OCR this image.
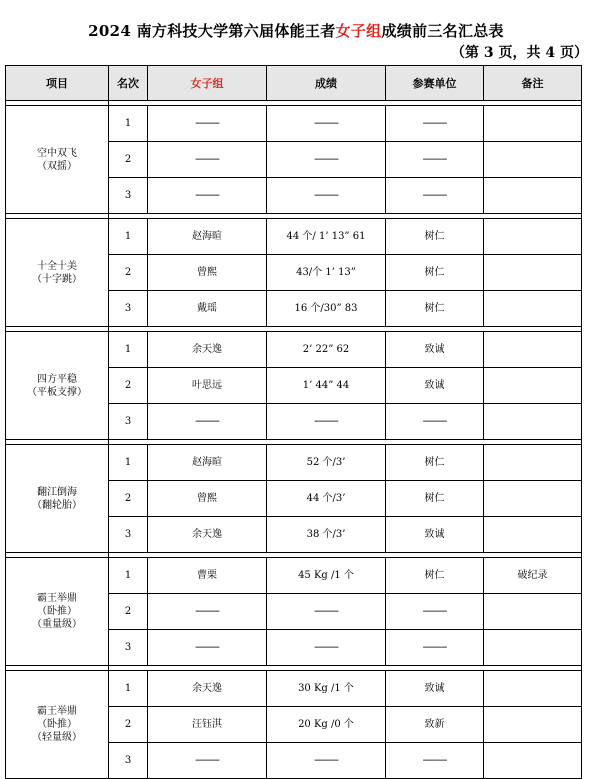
2024 南方科技大学第六届体能王者女子组成绩前三名汇总表
（第 3 页，共 4 页）
项目	名次	女子组	成绩	参赛单位	备注

空中双飞
（双摇）	1	----------	----------	----------	
	2	----------	----------	----------	
	3	----------	----------	----------	

十全十美
（十字跳）	1	赵海暄	44 个/ 1’ 13” 61	树仁	
	2	曾熙	43/个 1’ 13”	树仁	
	3	戴瑶	16 个/30” 83	树仁	

四方平稳
（平板支撑）	1	余天逸	2’ 22” 62	致诚	
	2	叶思远	1’ 44” 44	致诚	
	3	----------	----------	----------	

翻江倒海
（翻轮胎）	1	赵海暄	52 个/3’	树仁	
	2	曾熙	44 个/3’	树仁	
	3	余天逸	38 个/3’	致诚	

霸王举鼎
（卧推）
（重量级）	1	曹栗	45 Kg /1 个	树仁	破纪录
	2	----------	----------	----------	
	3	----------	----------	----------	

霸王举鼎
（卧推）
（轻量级）	1	余天逸	30 Kg /1 个	致诚	
	2	汪钰淇	20 Kg /0 个	致新	
	3	----------	----------	----------	
